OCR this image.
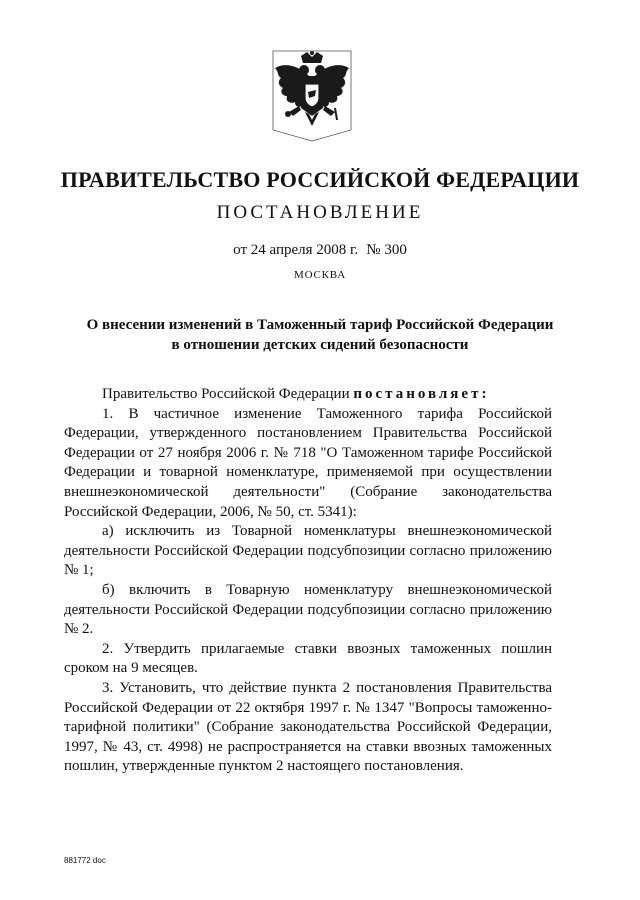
ПРАВИТЕЛЬСТВО РОССИЙСКОЙ ФЕДЕРАЦИИ

ПОСТАНОВЛЕНИЕ

от 24 апреля 2008 г. № 300

МОСКВА

О внесении изменений в Таможенный тариф Российской Федерации
в отношении детских сидений безопасности

Правительство Российской Федерации постановляет:

1. В частичное изменение Таможенного тарифа Российской Федерации, утвержденного постановлением Правительства Российской Федерации от 27 ноября 2006 г. № 718 "О Таможенном тарифе Российской Федерации и товарной номенклатуре, применяемой при осуществлении внешнеэкономической деятельности" (Собрание законодательства Российской Федерации, 2006, № 50, ст. 5341):

а) исключить из Товарной номенклатуры внешнеэкономической деятельности Российской Федерации подсубпозиции согласно приложению № 1;

б) включить в Товарную номенклатуру внешнеэкономической деятельности Российской Федерации подсубпозиции согласно приложению № 2.

2. Утвердить прилагаемые ставки ввозных таможенных пошлин сроком на 9 месяцев.

3. Установить, что действие пункта 2 постановления Правительства Российской Федерации от 22 октября 1997 г. № 1347 "Вопросы таможенно-тарифной политики" (Собрание законодательства Российской Федерации, 1997, № 43, ст. 4998) не распространяется на ставки ввозных таможенных пошлин, утвержденные пунктом 2 настоящего постановления.

881772 doc
